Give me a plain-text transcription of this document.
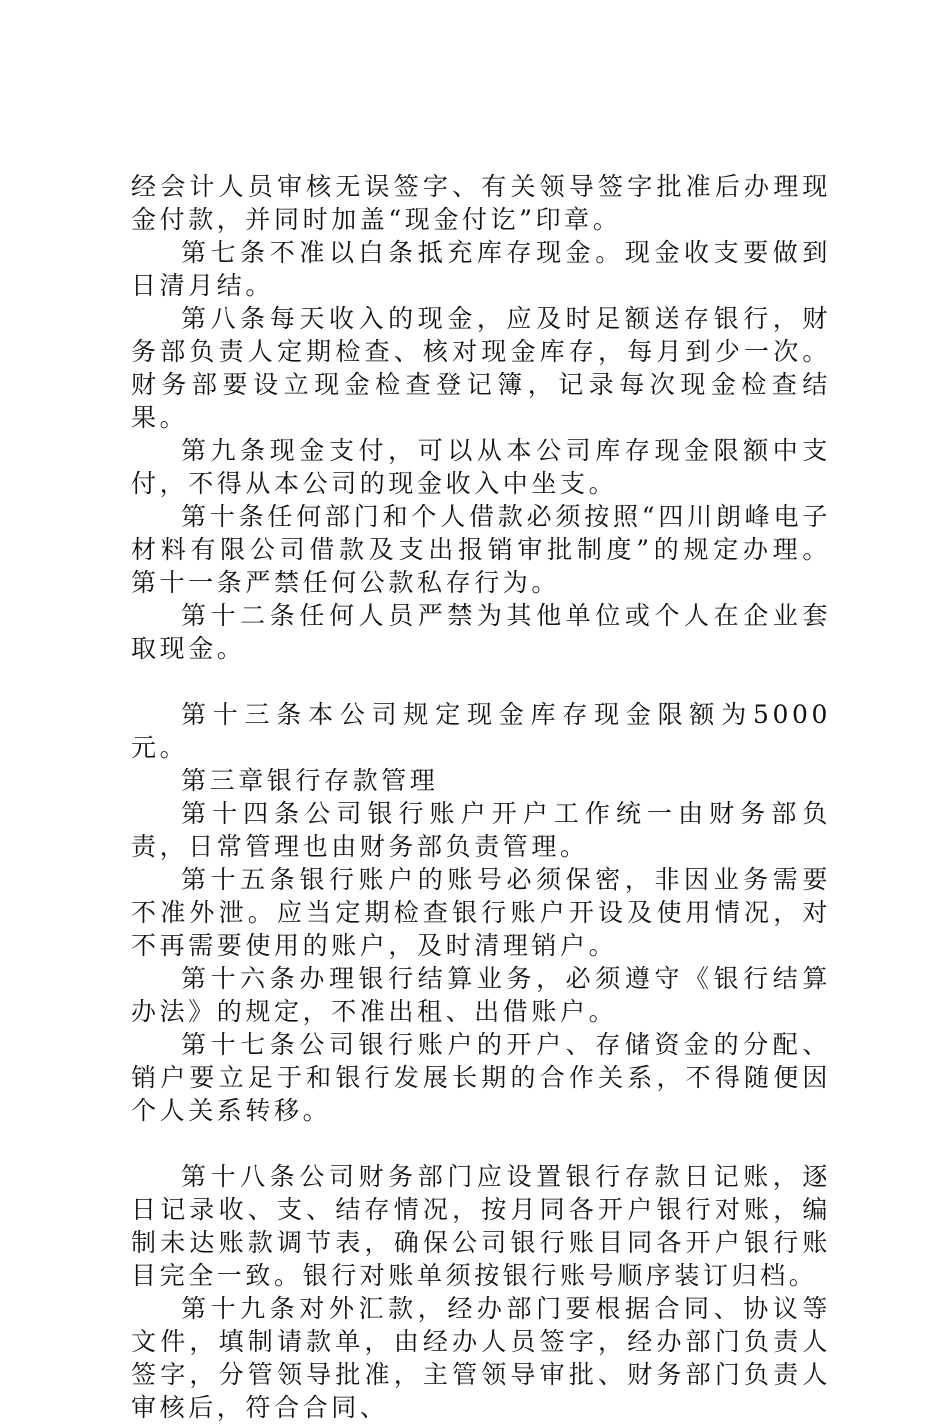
经会计人员审核无误签字、有关领导签字批准后办理现金付款，并同时加盖“现金付讫”印章。

第七条不准以白条抵充库存现金。现金收支要做到日清月结。

第八条每天收入的现金，应及时足额送存银行，财务部负责人定期检查、核对现金库存，每月到少一次。财务部要设立现金检查登记簿，记录每次现金检查结果。

第九条现金支付，可以从本公司库存现金限额中支付，不得从本公司的现金收入中坐支。

第十条任何部门和个人借款必须按照“四川朗峰电子材料有限公司借款及支出报销审批制度”的规定办理。第十一条严禁任何公款私存行为。

第十二条任何人员严禁为其他单位或个人在企业套取现金。

第十三条本公司规定现金库存现金限额为5000元。

第三章银行存款管理

第十四条公司银行账户开户工作统一由财务部负责，日常管理也由财务部负责管理。

第十五条银行账户的账号必须保密，非因业务需要不准外泄。应当定期检查银行账户开设及使用情况，对不再需要使用的账户，及时清理销户。

第十六条办理银行结算业务，必须遵守《银行结算办法》的规定，不准出租、出借账户。

第十七条公司银行账户的开户、存储资金的分配、销户要立足于和银行发展长期的合作关系，不得随便因个人关系转移。

第十八条公司财务部门应设置银行存款日记账，逐日记录收、支、结存情况，按月同各开户银行对账，编制未达账款调节表，确保公司银行账目同各开户银行账目完全一致。银行对账单须按银行账号顺序装订归档。

第十九条对外汇款，经办部门要根据合同、协议等文件，填制请款单，由经办人员签字，经办部门负责人签字，分管领导批准，主管领导审批、财务部门负责人审核后，符合合同、
